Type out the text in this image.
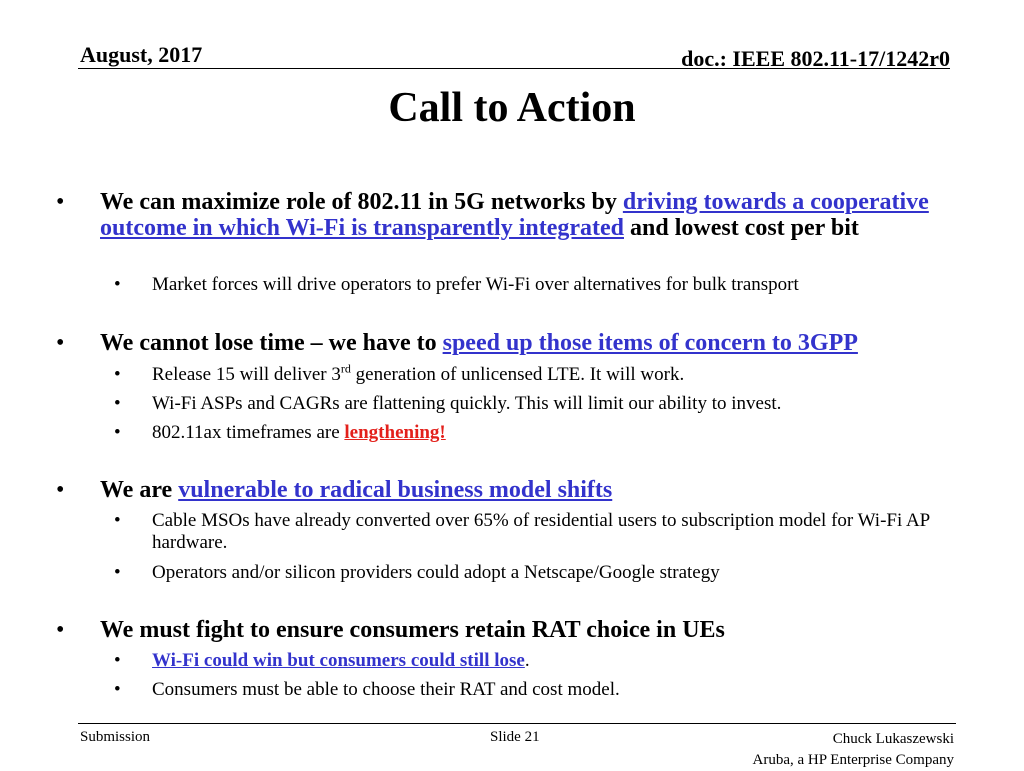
August, 2017	doc.: IEEE 802.11-17/1242r0
Call to Action
• We can maximize role of 802.11 in 5G networks by driving towards a cooperative outcome in which Wi-Fi is transparently integrated and lowest cost per bit
• Market forces will drive operators to prefer Wi-Fi over alternatives for bulk transport
• We cannot lose time – we have to speed up those items of concern to 3GPP
• Release 15 will deliver 3rd generation of unlicensed LTE. It will work.
• Wi-Fi ASPs and CAGRs are flattening quickly. This will limit our ability to invest.
• 802.11ax timeframes are lengthening!
• We are vulnerable to radical business model shifts
• Cable MSOs have already converted over 65% of residential users to subscription model for Wi-Fi AP hardware.
• Operators and/or silicon providers could adopt a Netscape/Google strategy
• We must fight to ensure consumers retain RAT choice in UEs
• Wi-Fi could win but consumers could still lose.
• Consumers must be able to choose their RAT and cost model.
Submission	Slide 21	Chuck Lukaszewski
Aruba, a HP Enterprise Company
